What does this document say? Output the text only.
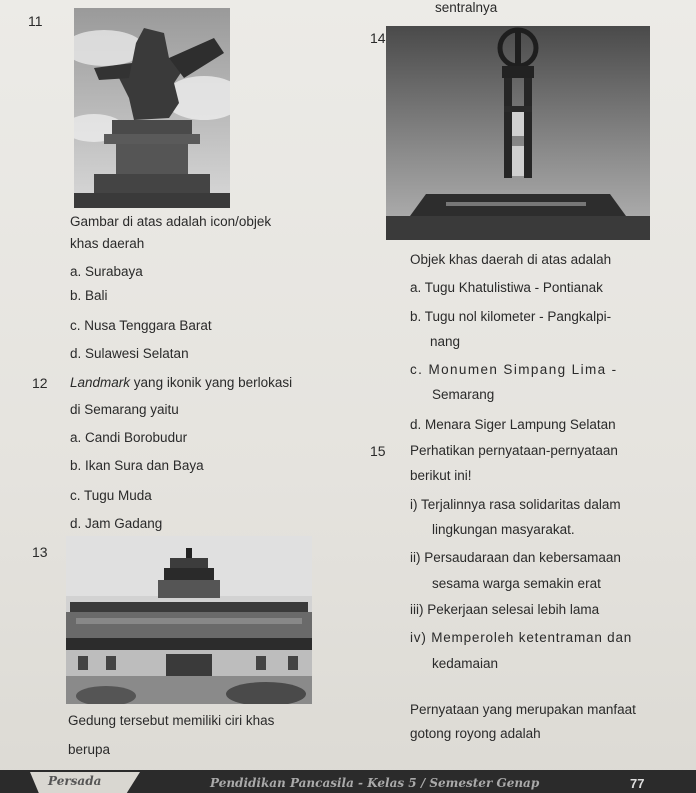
sentralnya
11
Gambar di atas adalah icon/objek
khas daerah
a. Surabaya
b. Bali
c. Nusa Tenggara Barat
d. Sulawesi Selatan
12 Landmark yang ikonik yang berlokasi
di Semarang yaitu
a. Candi Borobudur
b. Ikan Sura dan Baya
c. Tugu Muda
d. Jam Gadang
13
Gedung tersebut memiliki ciri khas
berupa
14
Objek khas daerah di atas adalah
a. Tugu Khatulistiwa - Pontianak
b. Tugu nol kilometer - Pangkalpi-
nang
c. Monumen Simpang Lima -
Semarang
d. Menara Siger Lampung Selatan
15 Perhatikan pernyataan-pernyataan
berikut ini!
i) Terjalinnya rasa solidaritas dalam
lingkungan masyarakat.
ii) Persaudaraan dan kebersamaan
sesama warga semakin erat
iii) Pekerjaan selesai lebih lama
iv) Memperoleh ketentraman dan
kedamaian
Pernyataan yang merupakan manfaat
gotong royong adalah
Persada	Pendidikan Pancasila - Kelas 5 / Semester Genap	77
